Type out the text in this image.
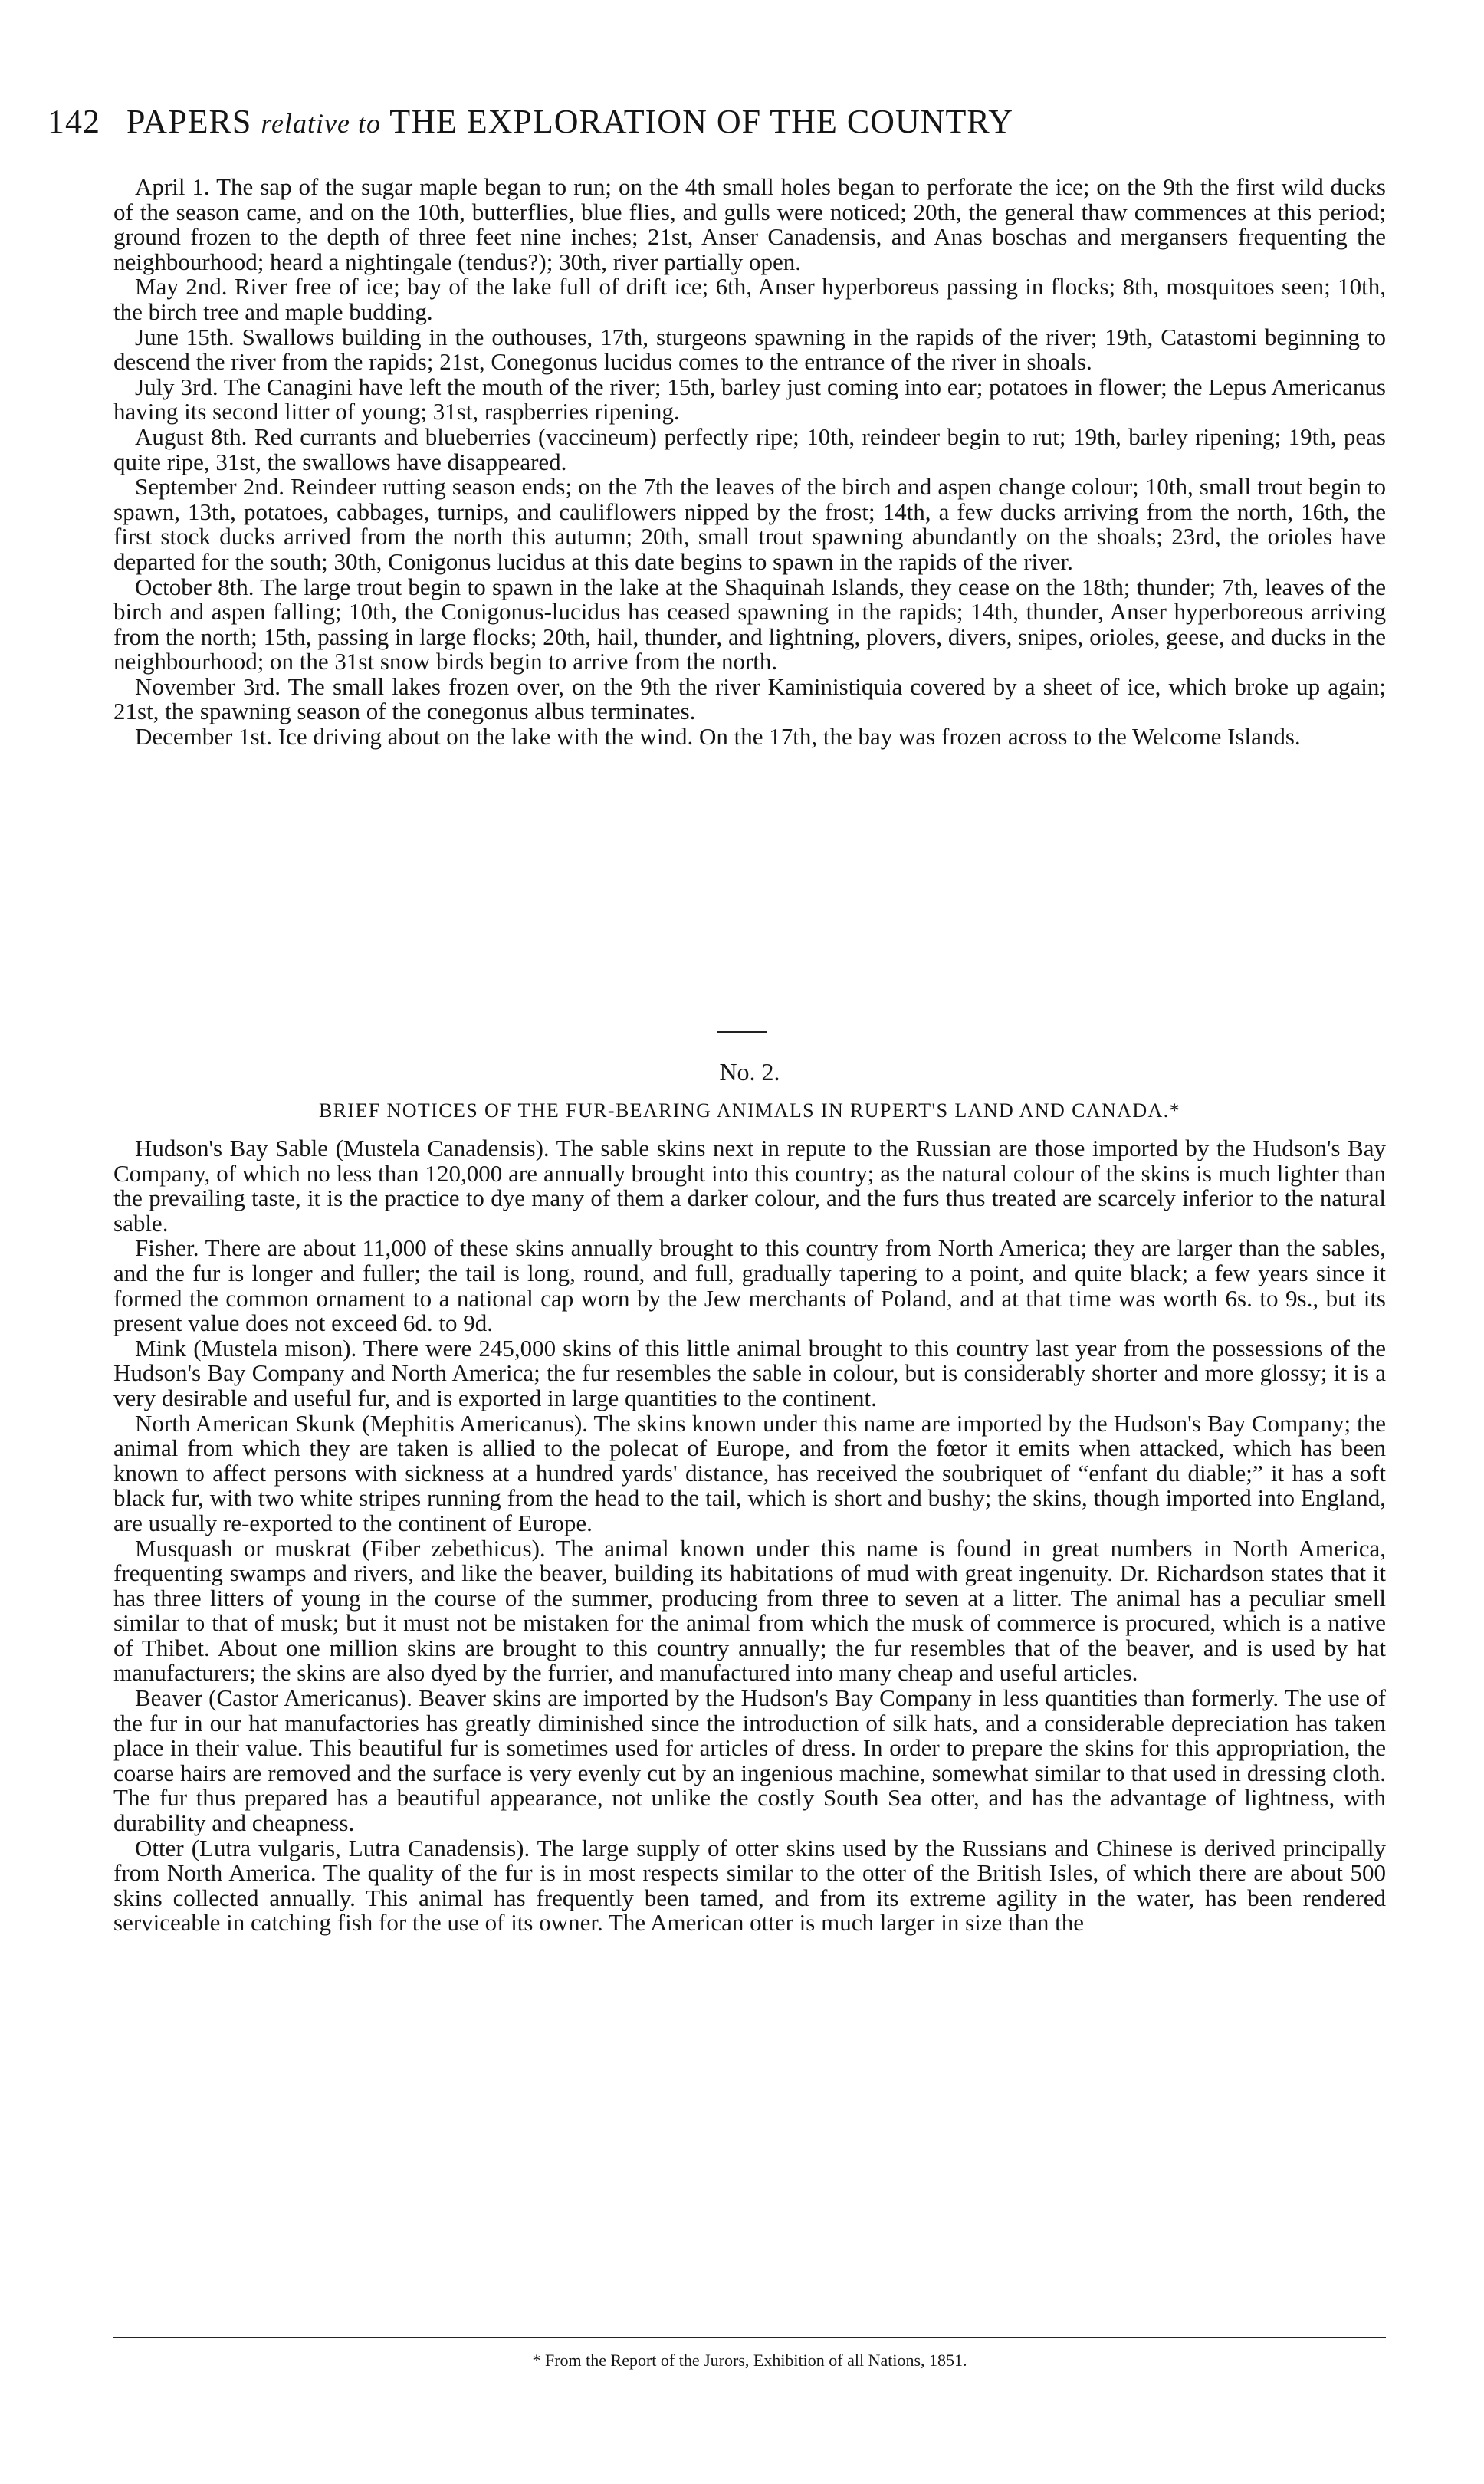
142 PAPERS relative to THE EXPLORATION OF THE COUNTRY

April 1. The sap of the sugar maple began to run; on the 4th small holes began to perforate the ice; on the 9th the first wild ducks of the season came, and on the 10th, butterflies, blue flies, and gulls were noticed; 20th, the general thaw commences at this period; ground frozen to the depth of three feet nine inches; 21st, Anser Canadensis, and Anas boschas and mergansers frequenting the neighbourhood; heard a nightingale (tendus?); 30th, river partially open.

May 2nd. River free of ice; bay of the lake full of drift ice; 6th, Anser hyperboreus passing in flocks; 8th, mosquitoes seen; 10th, the birch tree and maple budding.

June 15th. Swallows building in the outhouses, 17th, sturgeons spawning in the rapids of the river; 19th, Catastomi beginning to descend the river from the rapids; 21st, Conegonus lucidus comes to the entrance of the river in shoals.

July 3rd. The Canagini have left the mouth of the river; 15th, barley just coming into ear; potatoes in flower; the Lepus Americanus having its second litter of young; 31st, raspberries ripening.

August 8th. Red currants and blueberries (vaccineum) perfectly ripe; 10th, reindeer begin to rut; 19th, barley ripening; 19th, peas quite ripe, 31st, the swallows have disappeared.

September 2nd. Reindeer rutting season ends; on the 7th the leaves of the birch and aspen change colour; 10th, small trout begin to spawn, 13th, potatoes, cabbages, turnips, and cauliflowers nipped by the frost; 14th, a few ducks arriving from the north, 16th, the first stock ducks arrived from the north this autumn; 20th, small trout spawning abundantly on the shoals; 23rd, the orioles have departed for the south; 30th, Conigonus lucidus at this date begins to spawn in the rapids of the river.

October 8th. The large trout begin to spawn in the lake at the Shaquinah Islands, they cease on the 18th; thunder; 7th, leaves of the birch and aspen falling; 10th, the Conigonus-lucidus has ceased spawning in the rapids; 14th, thunder, Anser hyperboreous arriving from the north; 15th, passing in large flocks; 20th, hail, thunder, and lightning, plovers, divers, snipes, orioles, geese, and ducks in the neighbourhood; on the 31st snow birds begin to arrive from the north.

November 3rd. The small lakes frozen over, on the 9th the river Kaministiquia covered by a sheet of ice, which broke up again; 21st, the spawning season of the conegonus albus terminates.

December 1st. Ice driving about on the lake with the wind. On the 17th, the bay was frozen across to the Welcome Islands.

No. 2.
BRIEF NOTICES OF THE FUR-BEARING ANIMALS IN RUPERT'S LAND AND CANADA.*

Hudson's Bay Sable (Mustela Canadensis). The sable skins next in repute to the Russian are those imported by the Hudson's Bay Company, of which no less than 120,000 are annually brought into this country; as the natural colour of the skins is much lighter than the prevailing taste, it is the practice to dye many of them a darker colour, and the furs thus treated are scarcely inferior to the natural sable.

Fisher. There are about 11,000 of these skins annually brought to this country from North America; they are larger than the sables, and the fur is longer and fuller; the tail is long, round, and full, gradually tapering to a point, and quite black; a few years since it formed the common ornament to a national cap worn by the Jew merchants of Poland, and at that time was worth 6s. to 9s., but its present value does not exceed 6d. to 9d.

Mink (Mustela mison). There were 245,000 skins of this little animal brought to this country last year from the possessions of the Hudson's Bay Company and North America; the fur resembles the sable in colour, but is considerably shorter and more glossy; it is a very desirable and useful fur, and is exported in large quantities to the continent.

North American Skunk (Mephitis Americanus). The skins known under this name are imported by the Hudson's Bay Company; the animal from which they are taken is allied to the polecat of Europe, and from the fœtor it emits when attacked, which has been known to affect persons with sickness at a hundred yards' distance, has received the soubriquet of “enfant du diable;” it has a soft black fur, with two white stripes running from the head to the tail, which is short and bushy; the skins, though imported into England, are usually re-exported to the continent of Europe.

Musquash or muskrat (Fiber zebethicus). The animal known under this name is found in great numbers in North America, frequenting swamps and rivers, and like the beaver, building its habitations of mud with great ingenuity. Dr. Richardson states that it has three litters of young in the course of the summer, producing from three to seven at a litter. The animal has a peculiar smell similar to that of musk; but it must not be mistaken for the animal from which the musk of commerce is procured, which is a native of Thibet. About one million skins are brought to this country annually; the fur resembles that of the beaver, and is used by hat manufacturers; the skins are also dyed by the furrier, and manufactured into many cheap and useful articles.

Beaver (Castor Americanus). Beaver skins are imported by the Hudson's Bay Company in less quantities than formerly. The use of the fur in our hat manufactories has greatly diminished since the introduction of silk hats, and a considerable depreciation has taken place in their value. This beautiful fur is sometimes used for articles of dress. In order to prepare the skins for this appropriation, the coarse hairs are removed and the surface is very evenly cut by an ingenious machine, somewhat similar to that used in dressing cloth. The fur thus prepared has a beautiful appearance, not unlike the costly South Sea otter, and has the advantage of lightness, with durability and cheapness.

Otter (Lutra vulgaris, Lutra Canadensis). The large supply of otter skins used by the Russians and Chinese is derived principally from North America. The quality of the fur is in most respects similar to the otter of the British Isles, of which there are about 500 skins collected annually. This animal has frequently been tamed, and from its extreme agility in the water, has been rendered serviceable in catching fish for the use of its owner. The American otter is much larger in size than the

* From the Report of the Jurors, Exhibition of all Nations, 1851.
